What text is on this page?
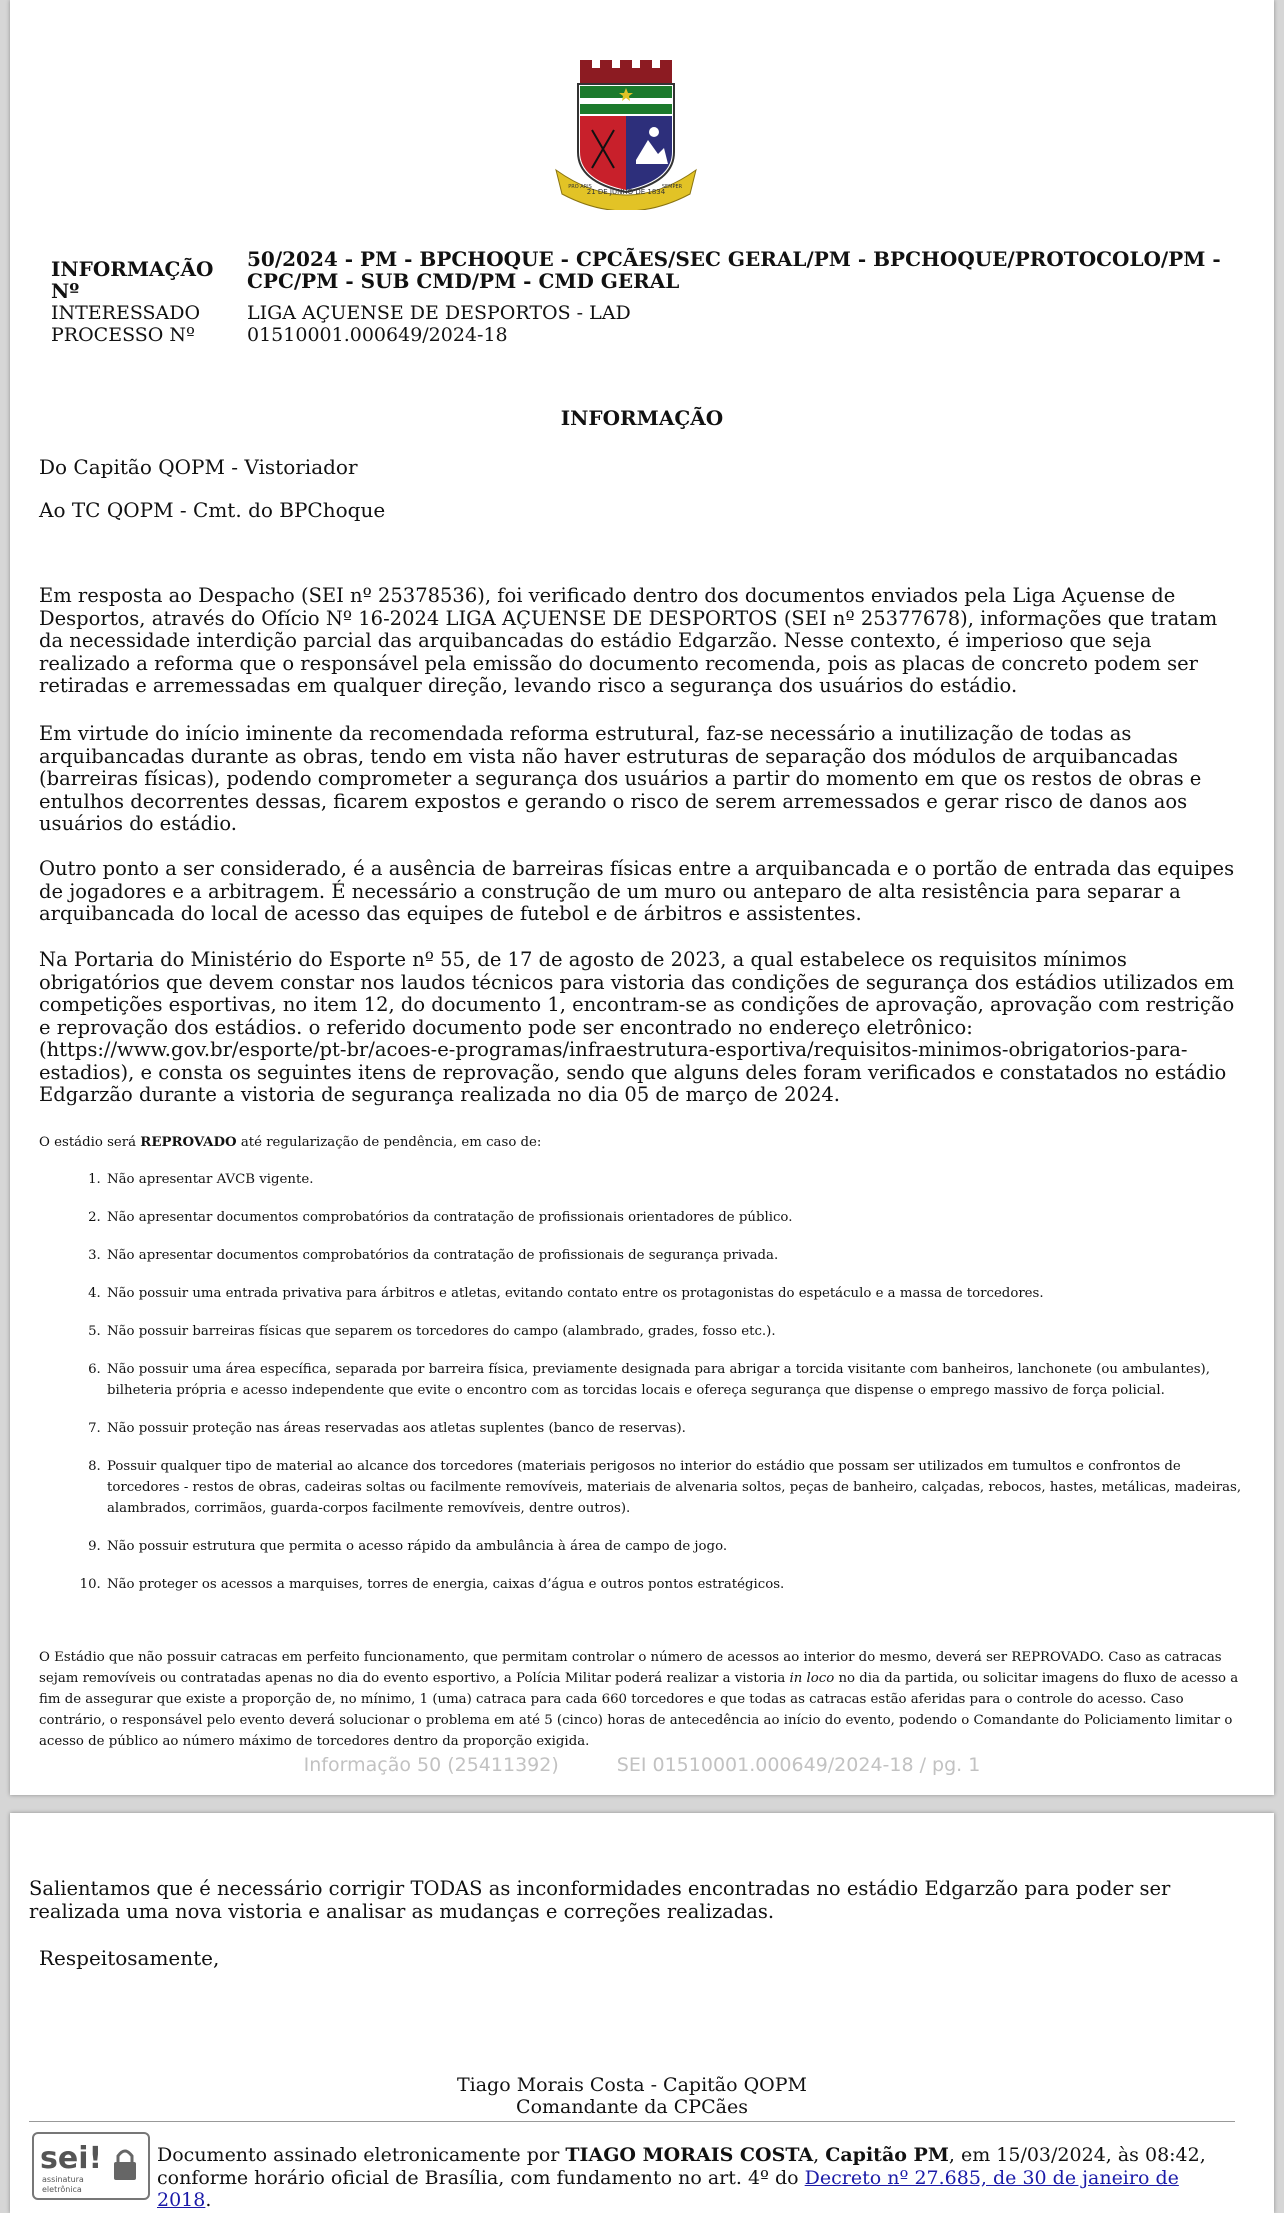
21 DE JUNHO DE 1834
PRO ARIS	SEMPER
INFORMAÇÃO Nº
50/2024 - PM - BPCHOQUE - CPCÃES/SEC GERAL/PM - BPCHOQUE/PROTOCOLO/PM -
CPC/PM - SUB CMD/PM - CMD GERAL
INTERESSADO	LIGA AÇUENSE DE DESPORTOS - LAD
PROCESSO Nº	01510001.000649/2024-18
INFORMAÇÃO
Do Capitão QOPM - Vistoriador
Ao TC QOPM - Cmt. do BPChoque

Em resposta ao Despacho (SEI nº 25378536), foi verificado dentro dos documentos enviados pela Liga Açuense de Desportos, através do Ofício Nº 16-2024 LIGA AÇUENSE DE DESPORTOS (SEI nº 25377678), informações que tratam da necessidade interdição parcial das arquibancadas do estádio Edgarzão. Nesse contexto, é imperioso que seja realizado a reforma que o responsável pela emissão do documento recomenda, pois as placas de concreto podem ser retiradas e arremessadas em qualquer direção, levando risco a segurança dos usuários do estádio.

Em virtude do início iminente da recomendada reforma estrutural, faz-se necessário a inutilização de todas as arquibancadas durante as obras, tendo em vista não haver estruturas de separação dos módulos de arquibancadas (barreiras físicas), podendo comprometer a segurança dos usuários a partir do momento em que os restos de obras e entulhos decorrentes dessas, ficarem expostos e gerando o risco de serem arremessados e gerar risco de danos aos usuários do estádio.

Outro ponto a ser considerado, é a ausência de barreiras físicas entre a arquibancada e o portão de entrada das equipes de jogadores e a arbitragem. É necessário a construção de um muro ou anteparo de alta resistência para separar a arquibancada do local de acesso das equipes de futebol e de árbitros e assistentes.

Na Portaria do Ministério do Esporte nº 55, de 17 de agosto de 2023, a qual estabelece os requisitos mínimos obrigatórios que devem constar nos laudos técnicos para vistoria das condições de segurança dos estádios utilizados em competições esportivas, no item 12, do documento 1, encontram-se as condições de aprovação, aprovação com restrição e reprovação dos estádios. o referido documento pode ser encontrado no endereço eletrônico: (https://www.gov.br/esporte/pt-br/acoes-e-programas/infraestrutura-esportiva/requisitos-minimos-obrigatorios-para-estadios), e consta os seguintes itens de reprovação, sendo que alguns deles foram verificados e constatados no estádio Edgarzão durante a vistoria de segurança realizada no dia 05 de março de 2024.

O estádio será REPROVADO até regularização de pendência, em caso de:

1. Não apresentar AVCB vigente.
2. Não apresentar documentos comprobatórios da contratação de profissionais orientadores de público.
3. Não apresentar documentos comprobatórios da contratação de profissionais de segurança privada.
4. Não possuir uma entrada privativa para árbitros e atletas, evitando contato entre os protagonistas do espetáculo e a massa de torcedores.
5. Não possuir barreiras físicas que separem os torcedores do campo (alambrado, grades, fosso etc.).
6. Não possuir uma área específica, separada por barreira física, previamente designada para abrigar a torcida visitante com banheiros, lanchonete (ou ambulantes), bilheteria própria e acesso independente que evite o encontro com as torcidas locais e ofereça segurança que dispense o emprego massivo de força policial.
7. Não possuir proteção nas áreas reservadas aos atletas suplentes (banco de reservas).
8. Possuir qualquer tipo de material ao alcance dos torcedores (materiais perigosos no interior do estádio que possam ser utilizados em tumultos e confrontos de torcedores - restos de obras, cadeiras soltas ou facilmente removíveis, materiais de alvenaria soltos, peças de banheiro, calçadas, rebocos, hastes, metálicas, madeiras, alambrados, corrimãos, guarda-corpos facilmente removíveis, dentre outros).
9. Não possuir estrutura que permita o acesso rápido da ambulância à área de campo de jogo.
10. Não proteger os acessos a marquises, torres de energia, caixas d’água e outros pontos estratégicos.

O Estádio que não possuir catracas em perfeito funcionamento, que permitam controlar o número de acessos ao interior do mesmo, deverá ser REPROVADO. Caso as catracas sejam removíveis ou contratadas apenas no dia do evento esportivo, a Polícia Militar poderá realizar a vistoria in loco no dia da partida, ou solicitar imagens do fluxo de acesso a fim de assegurar que existe a proporção de, no mínimo, 1 (uma) catraca para cada 660 torcedores e que todas as catracas estão aferidas para o controle do acesso. Caso contrário, o responsável pelo evento deverá solucionar o problema em até 5 (cinco) horas de antecedência ao início do evento, podendo o Comandante do Policiamento limitar o acesso de público ao número máximo de torcedores dentro da proporção exigida.

Informação 50 (25411392)	SEI 01510001.000649/2024-18 / pg. 1

Salientamos que é necessário corrigir TODAS as inconformidades encontradas no estádio Edgarzão para poder ser realizada uma nova vistoria e analisar as mudanças e correções realizadas.

Respeitosamente,
Tiago Morais Costa - Capitão QOPM
Comandante da CPCães
sei!
assinatura
eletrônica
Documento assinado eletronicamente por TIAGO MORAIS COSTA, Capitão PM, em 15/03/2024, às 08:42, conforme horário oficial de Brasília, com fundamento no art. 4º do Decreto nº 27.685, de 30 de janeiro de 2018.
